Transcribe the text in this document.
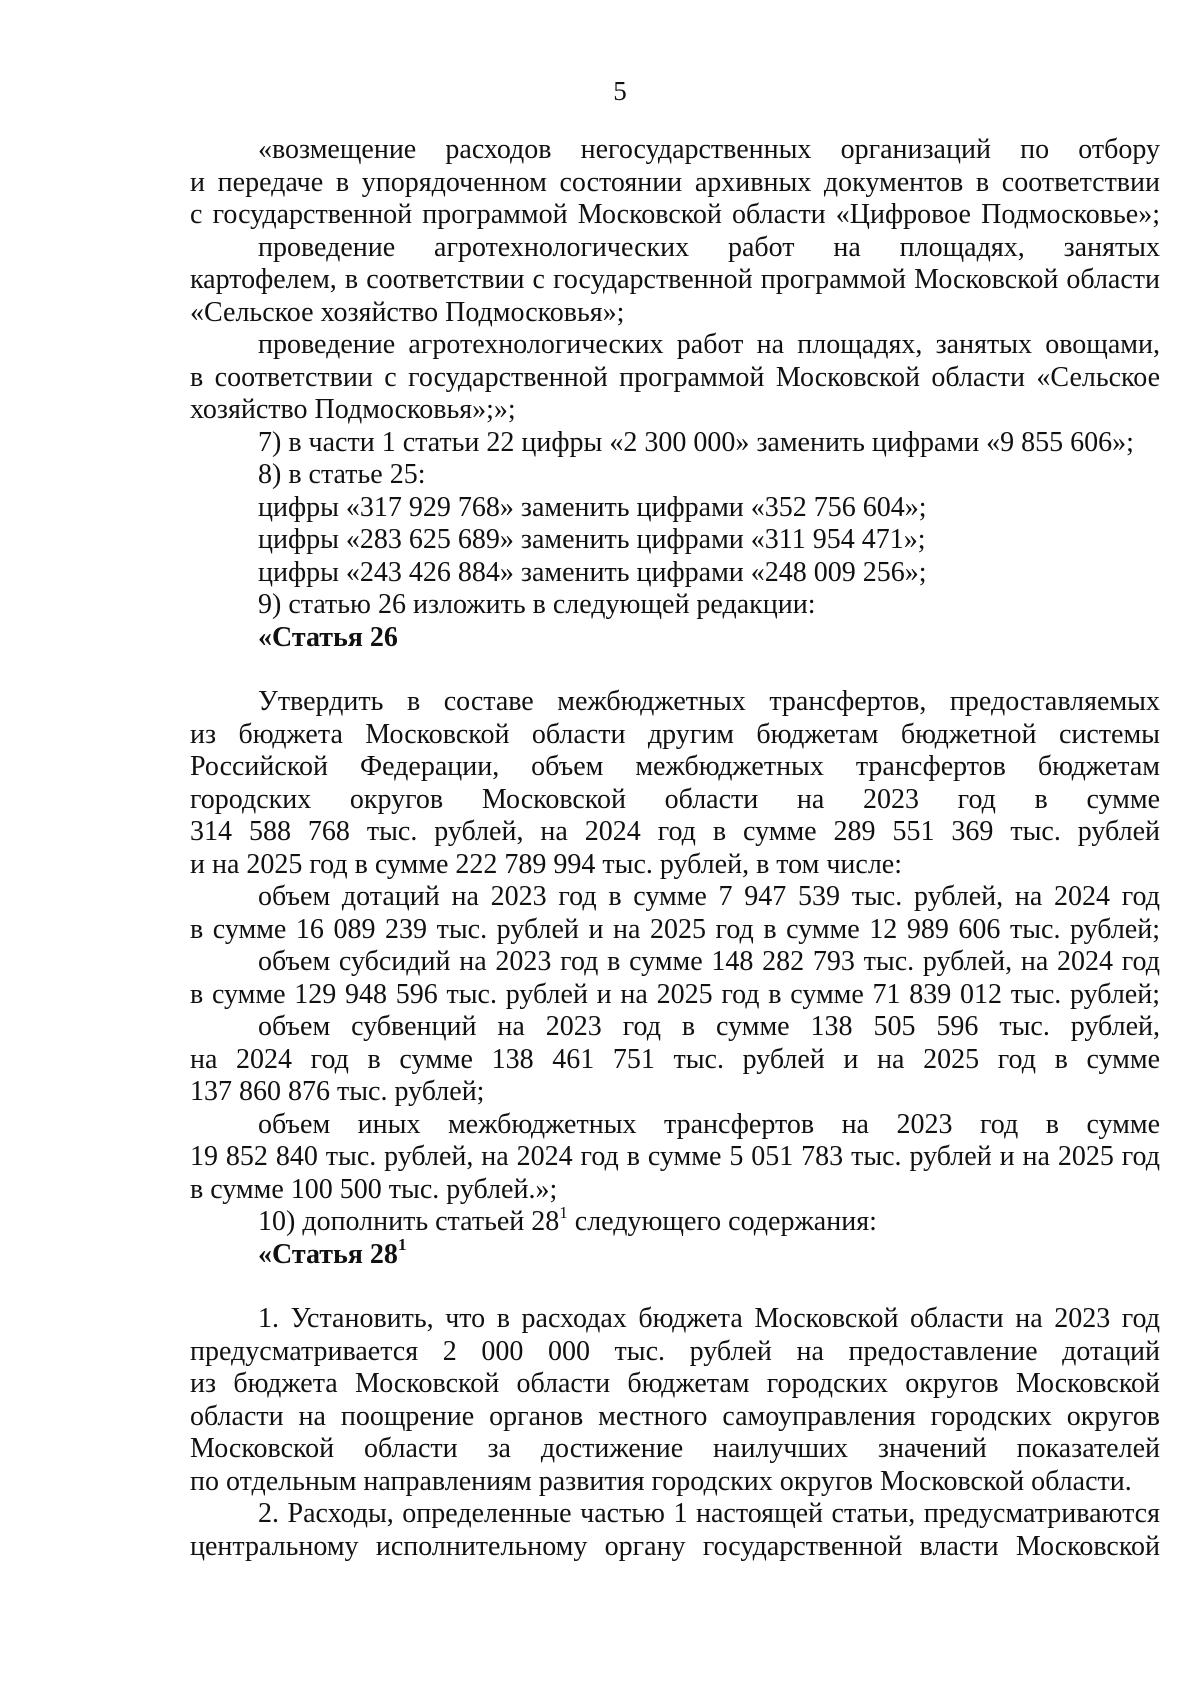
5
«возмещение расходов негосударственных организаций по отбору
и передаче в упорядоченном состоянии архивных документов в соответствии
с государственной программой Московской области «Цифровое Подмосковье»;
проведение агротехнологических работ на площадях, занятых
картофелем, в соответствии с государственной программой Московской области
«Сельское хозяйство Подмосковья»;
проведение агротехнологических работ на площадях, занятых овощами,
в соответствии с государственной программой Московской области «Сельское
хозяйство Подмосковья»;»;
7) в части 1 статьи 22 цифры «2 300 000» заменить цифрами «9 855 606»;
8) в статье 25:
цифры «317 929 768» заменить цифрами «352 756 604»;
цифры «283 625 689» заменить цифрами «311 954 471»;
цифры «243 426 884» заменить цифрами «248 009 256»;
9) статью 26 изложить в следующей редакции:
«Статья 26
Утвердить в составе межбюджетных трансфертов, предоставляемых
из бюджета Московской области другим бюджетам бюджетной системы
Российской Федерации, объем межбюджетных трансфертов бюджетам
городских округов Московской области на 2023 год в сумме
314 588 768 тыс. рублей, на 2024 год в сумме 289 551 369 тыс. рублей
и на 2025 год в сумме 222 789 994 тыс. рублей, в том числе:
объем дотаций на 2023 год в сумме 7 947 539 тыс. рублей, на 2024 год
в сумме 16 089 239 тыс. рублей и на 2025 год в сумме 12 989 606 тыс. рублей;
объем субсидий на 2023 год в сумме 148 282 793 тыс. рублей, на 2024 год
в сумме 129 948 596 тыс. рублей и на 2025 год в сумме 71 839 012 тыс. рублей;
объем субвенций на 2023 год в сумме 138 505 596 тыс. рублей,
на 2024 год в сумме 138 461 751 тыс. рублей и на 2025 год в сумме
137 860 876 тыс. рублей;
объем иных межбюджетных трансфертов на 2023 год в сумме
19 852 840 тыс. рублей, на 2024 год в сумме 5 051 783 тыс. рублей и на 2025 год
в сумме 100 500 тыс. рублей.»;
10) дополнить статьей $28^1$ следующего содержания:
«Статья $28^1$
1. Установить, что в расходах бюджета Московской области на 2023 год
предусматривается 2 000 000 тыс. рублей на предоставление дотаций
из бюджета Московской области бюджетам городских округов Московской
области на поощрение органов местного самоуправления городских округов
Московской области за достижение наилучших значений показателей
по отдельным направлениям развития городских округов Московской области.
2. Расходы, определенные частью 1 настоящей статьи, предусматриваются
центральному исполнительному органу государственной власти Московской
